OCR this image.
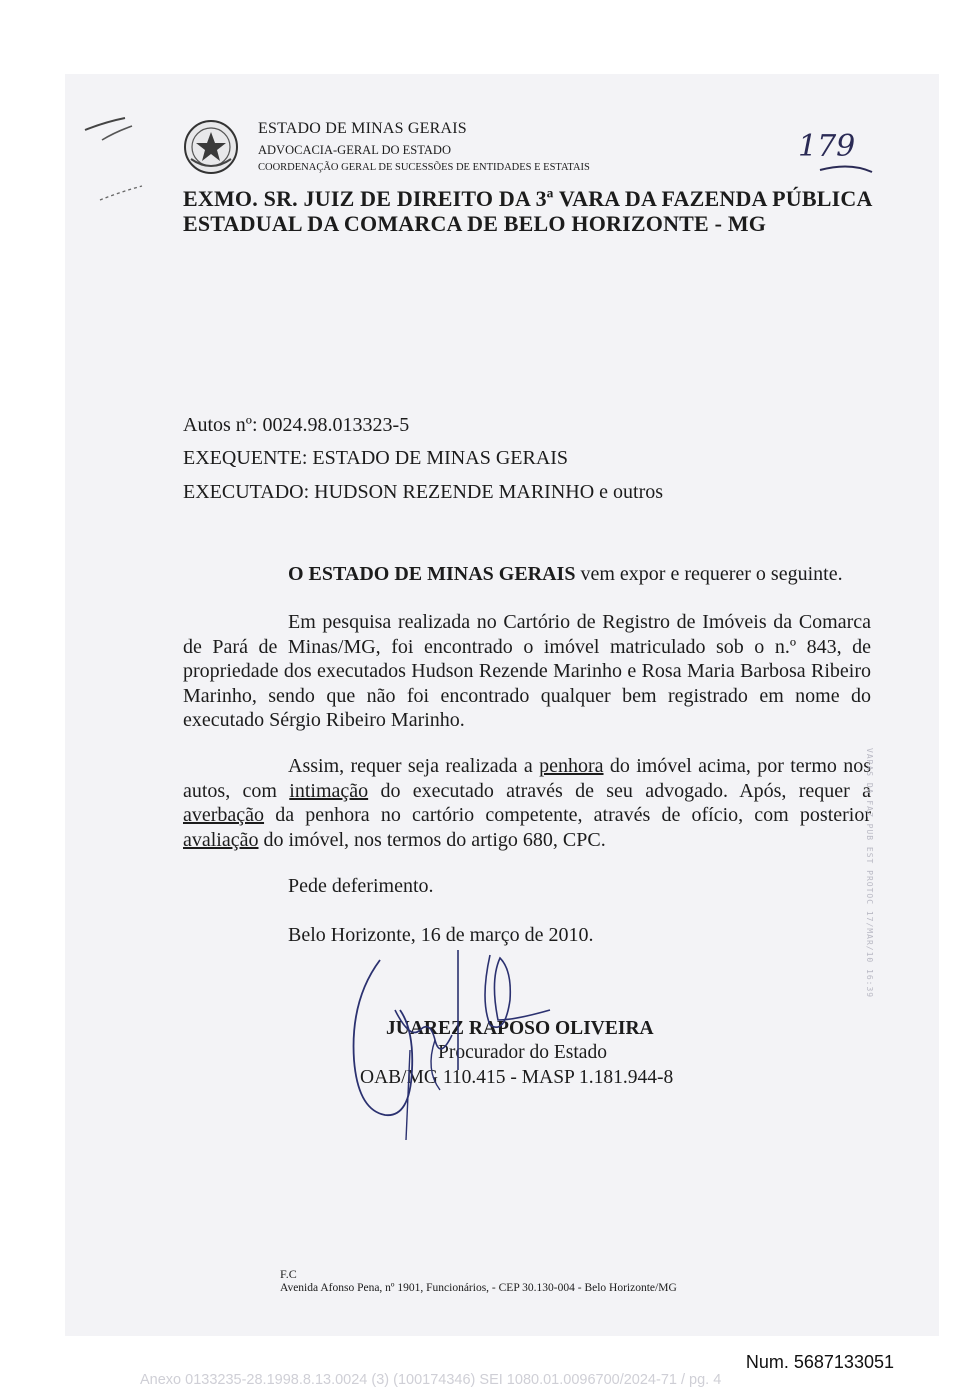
ESTADO DE MINAS GERAIS
ADVOCACIA-GERAL DO ESTADO
COORDENAÇÃO GERAL DE SUCESSÕES DE ENTIDADES E ESTATAIS
179
EXMO. SR. JUIZ DE DIREITO DA 3ª VARA DA FAZENDA PÚBLICA
ESTADUAL DA COMARCA DE BELO HORIZONTE - MG
Autos nº: 0024.98.013323-5
EXEQUENTE: ESTADO DE MINAS GERAIS
EXECUTADO: HUDSON REZENDE MARINHO e outros
O ESTADO DE MINAS GERAIS vem expor e requerer o seguinte.
Em pesquisa realizada no Cartório de Registro de Imóveis da Comarca de Pará de Minas/MG, foi encontrado o imóvel matriculado sob o n.º 843, de propriedade dos executados Hudson Rezende Marinho e Rosa Maria Barbosa Ribeiro Marinho, sendo que não foi encontrado qualquer bem registrado em nome do executado Sérgio Ribeiro Marinho.
Assim, requer seja realizada a penhora do imóvel acima, por termo nos autos, com intimação do executado através de seu advogado. Após, requer a averbação da penhora no cartório competente, através de ofício, com posterior avaliação do imóvel, nos termos do artigo 680, CPC.
Pede deferimento.
Belo Horizonte, 16 de março de 2010.
JUAREZ RAPOSO OLIVEIRA
Procurador do Estado
OAB/MG 110.415 - MASP 1.181.944-8
VARAS DA FAZ PUB EST PROTOC 17/MAR/10 16:39
F.C
Avenida Afonso Pena, nº 1901, Funcionários, - CEP 30.130-004 - Belo Horizonte/MG
Num. 5687133051
Anexo 0133235-28.1998.8.13.0024 (3) (100174346) SEI 1080.01.0096700/2024-71 / pg. 4
